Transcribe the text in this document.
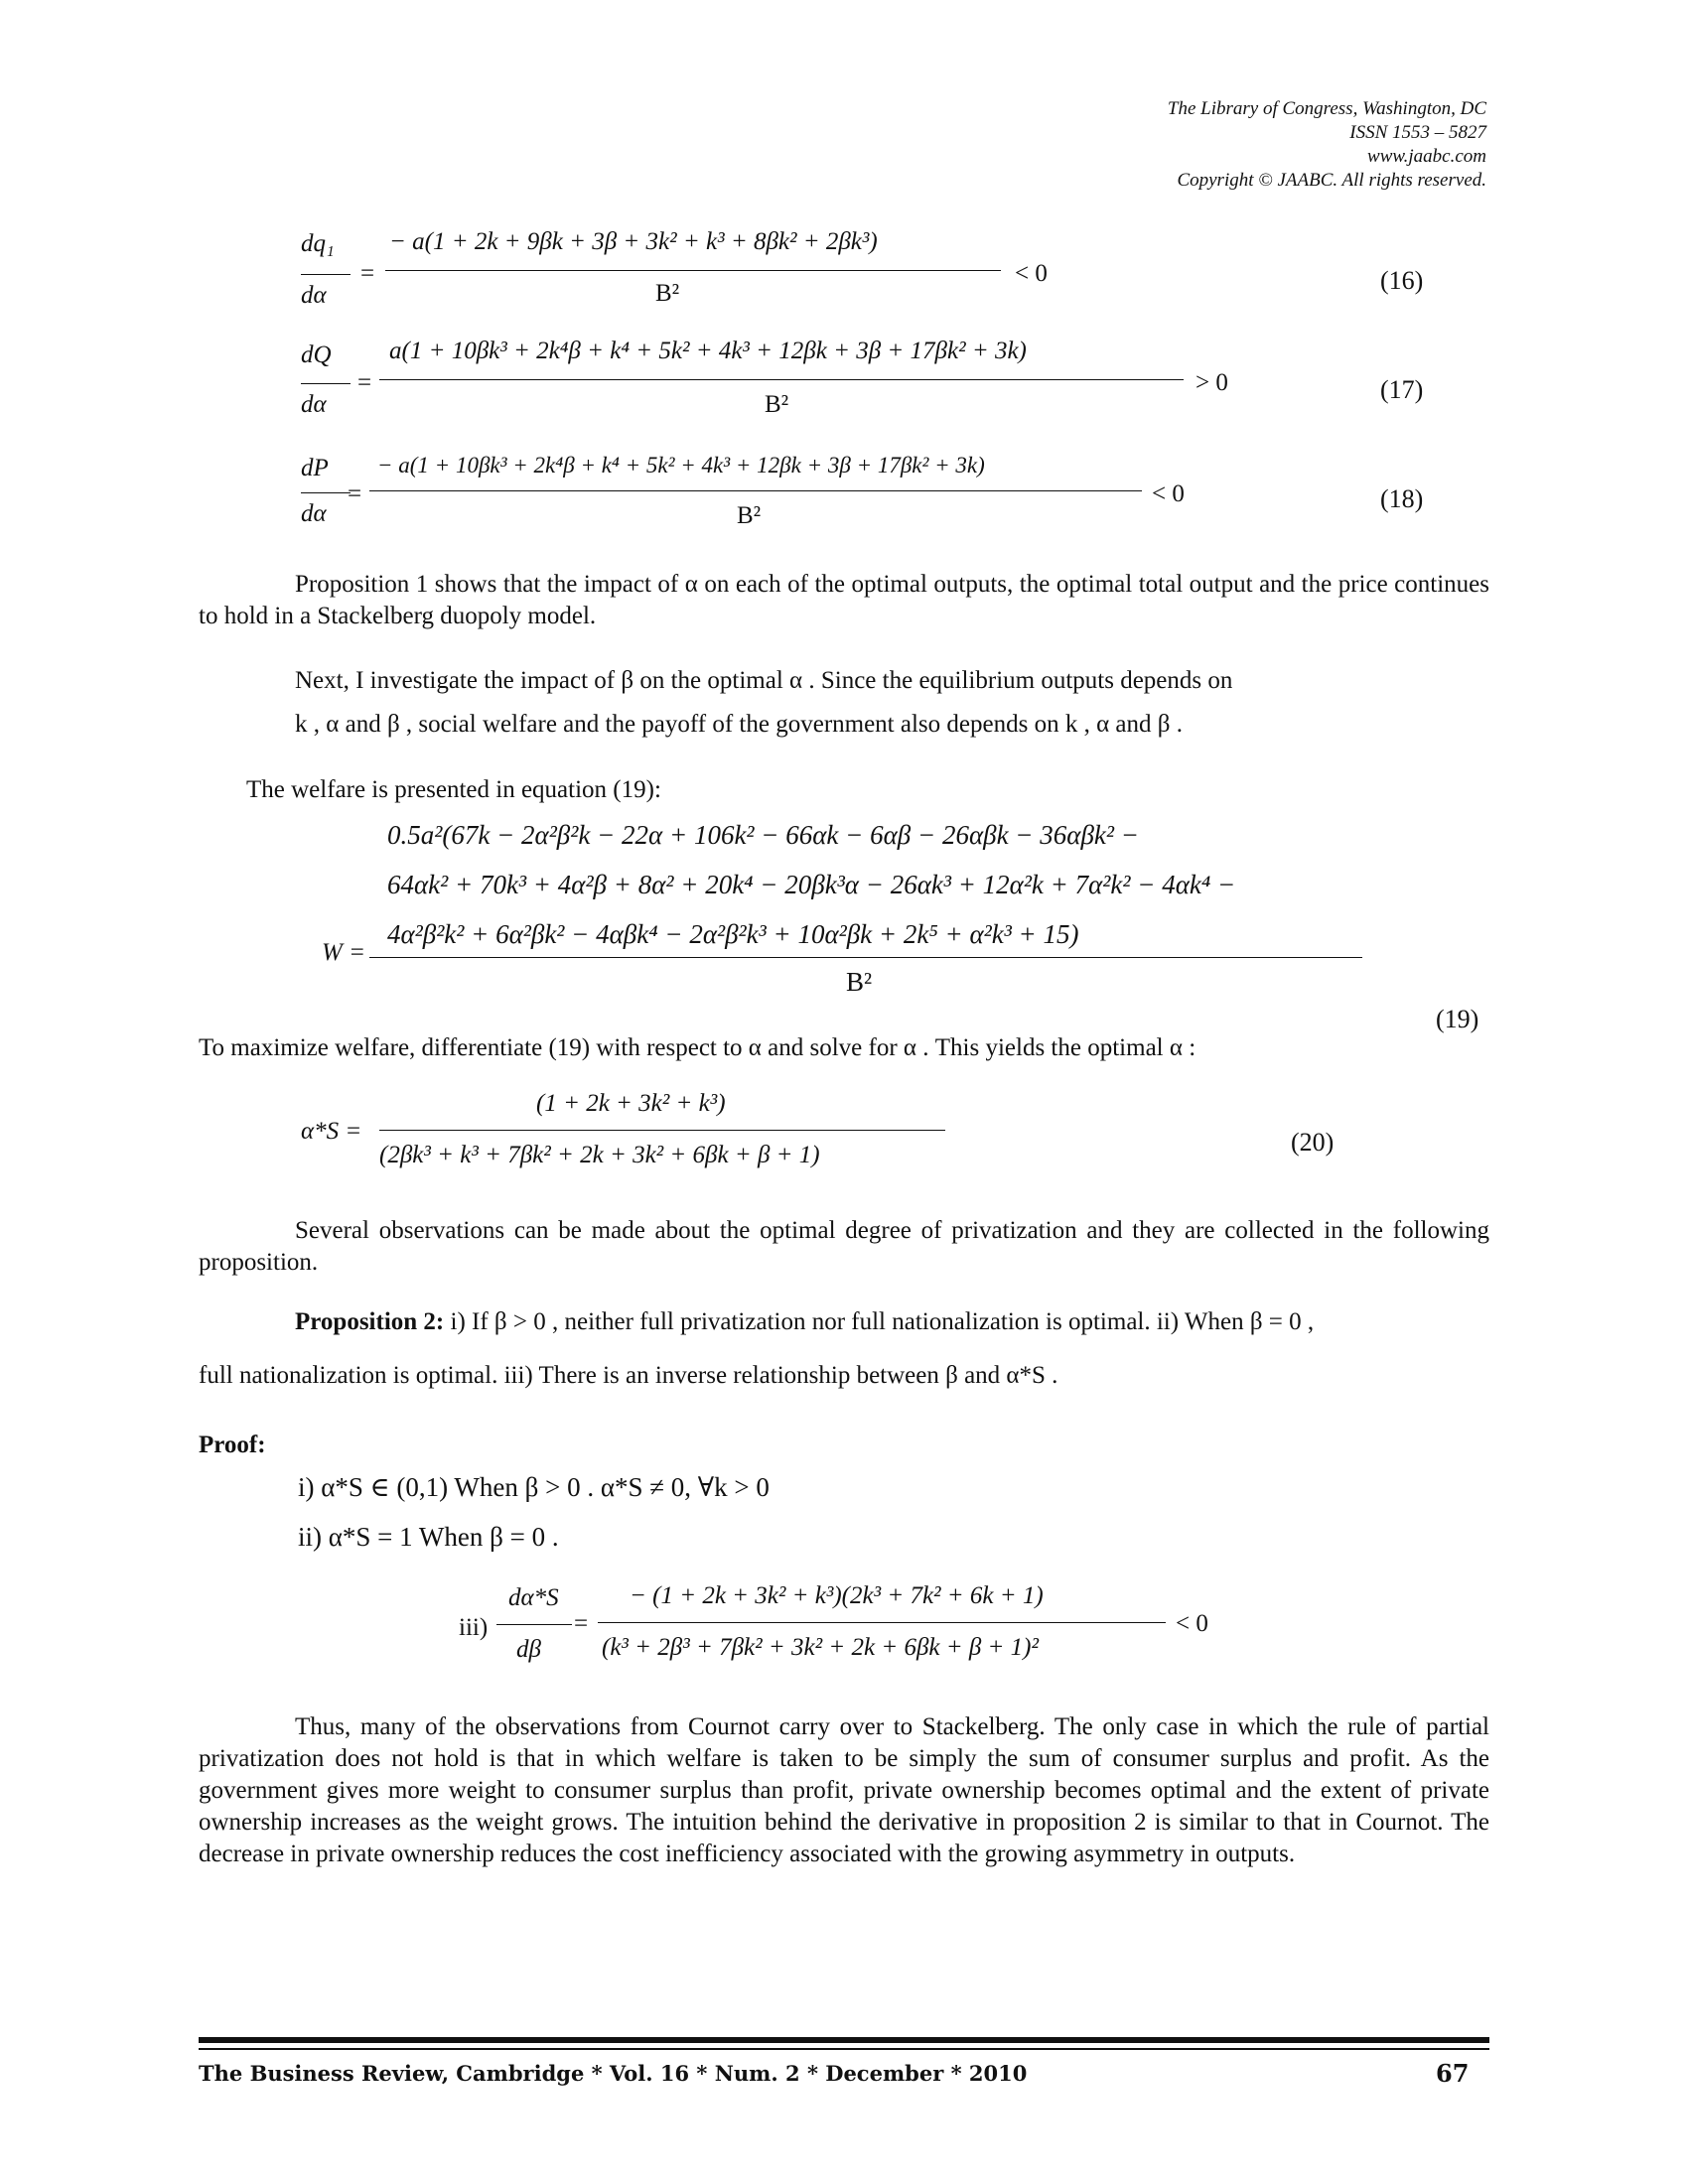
The Library of Congress, Washington, DC
ISSN 1553 – 5827
www.jaabc.com
Copyright © JAABC. All rights reserved.
dq₁
dα
=
− a(1 + 2k + 9βk + 3β + 3k² + k³ + 8βk² + 2βk³)
B²
< 0	(16)
dQ
dα
=
a(1 + 10βk³ + 2k⁴β + k⁴ + 5k² + 4k³ + 12βk + 3β + 17βk² + 3k)
B²
> 0	(17)
dP
dα
=
− a(1 + 10βk³ + 2k⁴β + k⁴ + 5k² + 4k³ + 12βk + 3β + 17βk² + 3k)
B²
< 0	(18)
Proposition 1 shows that the impact of α on each of the optimal outputs, the optimal total output and the price continues to hold in a Stackelberg duopoly model.
Next, I investigate the impact of β on the optimal α . Since the equilibrium outputs depends on
k , α and β , social welfare and the payoff of the government also depends on k , α and β .
The welfare is presented in equation (19):
0.5a²(67k − 2α²β²k − 22α + 106k² − 66αk − 6αβ − 26αβk − 36αβk² −
64αk² + 70k³ + 4α²β + 8α² + 20k⁴ − 20βk³α − 26αk³ + 12α²k + 7α²k² − 4αk⁴ −
4α²β²k² + 6α²βk² − 4αβk⁴ − 2α²β²k³ + 10α²βk + 2k⁵ + α²k³ + 15)
W =
B²
(19)
To maximize welfare, differentiate (19) with respect to α and solve for α . This yields the optimal α :
α*S =
(1 + 2k + 3k² + k³)
(2βk³ + k³ + 7βk² + 2k + 3k² + 6βk + β + 1)	(20)
Several observations can be made about the optimal degree of privatization and they are collected in the following proposition.
Proposition 2: i) If β > 0 , neither full privatization nor full nationalization is optimal. ii) When β = 0 ,
full nationalization is optimal. iii) There is an inverse relationship between β and α*S .
Proof:
i) α*S ∈ (0,1) When β > 0 . α*S ≠ 0, ∀k > 0
ii) α*S = 1 When β = 0 .
iii)
dα*S
dβ
=
− (1 + 2k + 3k² + k³)(2k³ + 7k² + 6k + 1)
(k³ + 2β³ + 7βk² + 3k² + 2k + 6βk + β + 1)²
< 0
Thus, many of the observations from Cournot carry over to Stackelberg. The only case in which the rule of partial privatization does not hold is that in which welfare is taken to be simply the sum of consumer surplus and profit. As the government gives more weight to consumer surplus than profit, private ownership becomes optimal and the extent of private ownership increases as the weight grows. The intuition behind the derivative in proposition 2 is similar to that in Cournot. The decrease in private ownership reduces the cost inefficiency associated with the growing asymmetry in outputs.
The Business Review, Cambridge * Vol. 16 * Num. 2 * December * 2010	67
